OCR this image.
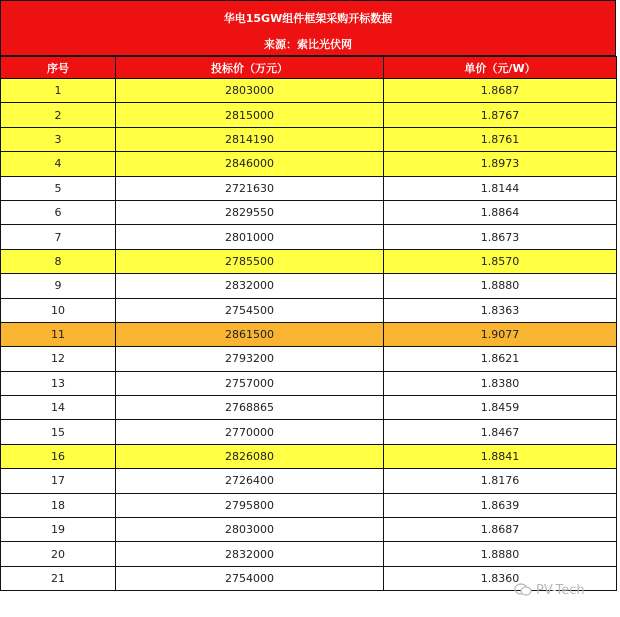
华电15GW组件框架采购开标数据
来源：索比光伏网
序号	投标价（万元）	单价（元/W）
1	2803000	1.8687
2	2815000	1.8767
3	2814190	1.8761
4	2846000	1.8973
5	2721630	1.8144
6	2829550	1.8864
7	2801000	1.8673
8	2785500	1.8570
9	2832000	1.8880
10	2754500	1.8363
11	2861500	1.9077
12	2793200	1.8621
13	2757000	1.8380
14	2768865	1.8459
15	2770000	1.8467
16	2826080	1.8841
17	2726400	1.8176
18	2795800	1.8639
19	2803000	1.8687
20	2832000	1.8880
21	2754000	1.8360
PV-Tech
